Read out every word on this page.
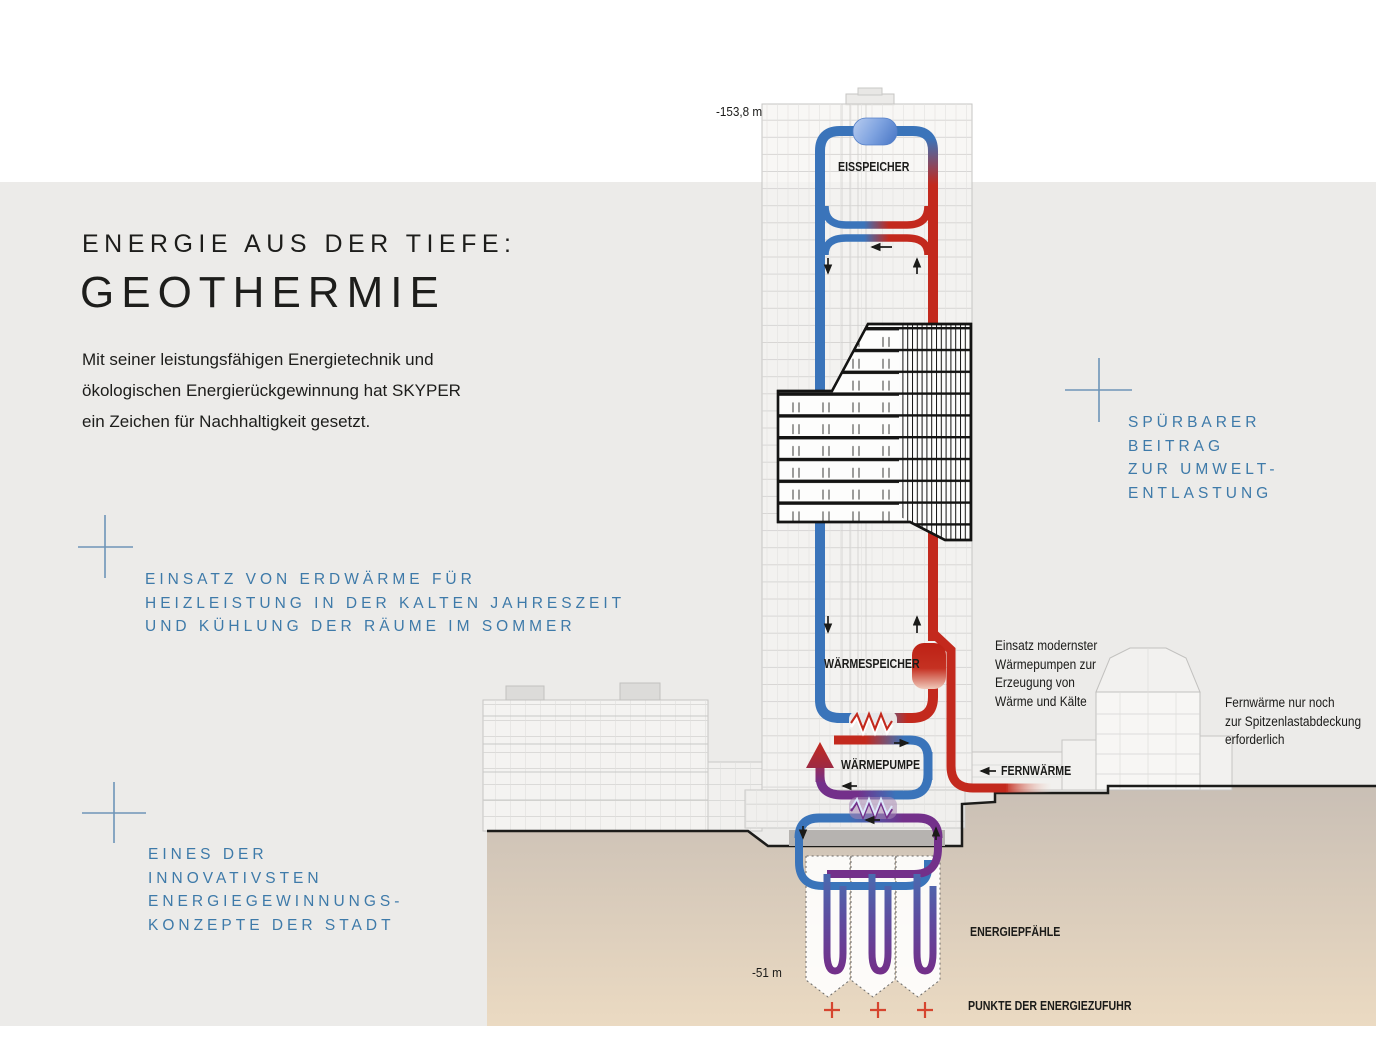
ENERGIE AUS DER TIEFE:
GEOTHERMIE
Mit seiner leistungsfähigen Energietechnik und
ökologischen Energierückgewinnung hat SKYPER
ein Zeichen für Nachhaltigkeit gesetzt.	SPÜRBARER
BEITRAG
ZUR UMWELT-
ENTLASTUNG
EINSATZ VON ERDWÄRME FÜR
HEIZLEISTUNG IN DER KALTEN JAHRESZEIT
UND KÜHLUNG DER RÄUME IM SOMMER
EINES DER
INNOVATIVSTEN
ENERGIEGEWINNUNGS-
KONZEPTE DER STADT
-153,8 m
-51 m
EISSPEICHER
WÄRMESPEICHER
WÄRMEPUMPE	FERNWÄRME
ENERGIEPFÄHLE
PUNKTE DER ENERGIEZUFUHR
Einsatz modernster
Wärmepumpen zur
Erzeugung von
Wärme und Kälte	Fernwärme nur noch
zur Spitzenlastabdeckung
erforderlich
